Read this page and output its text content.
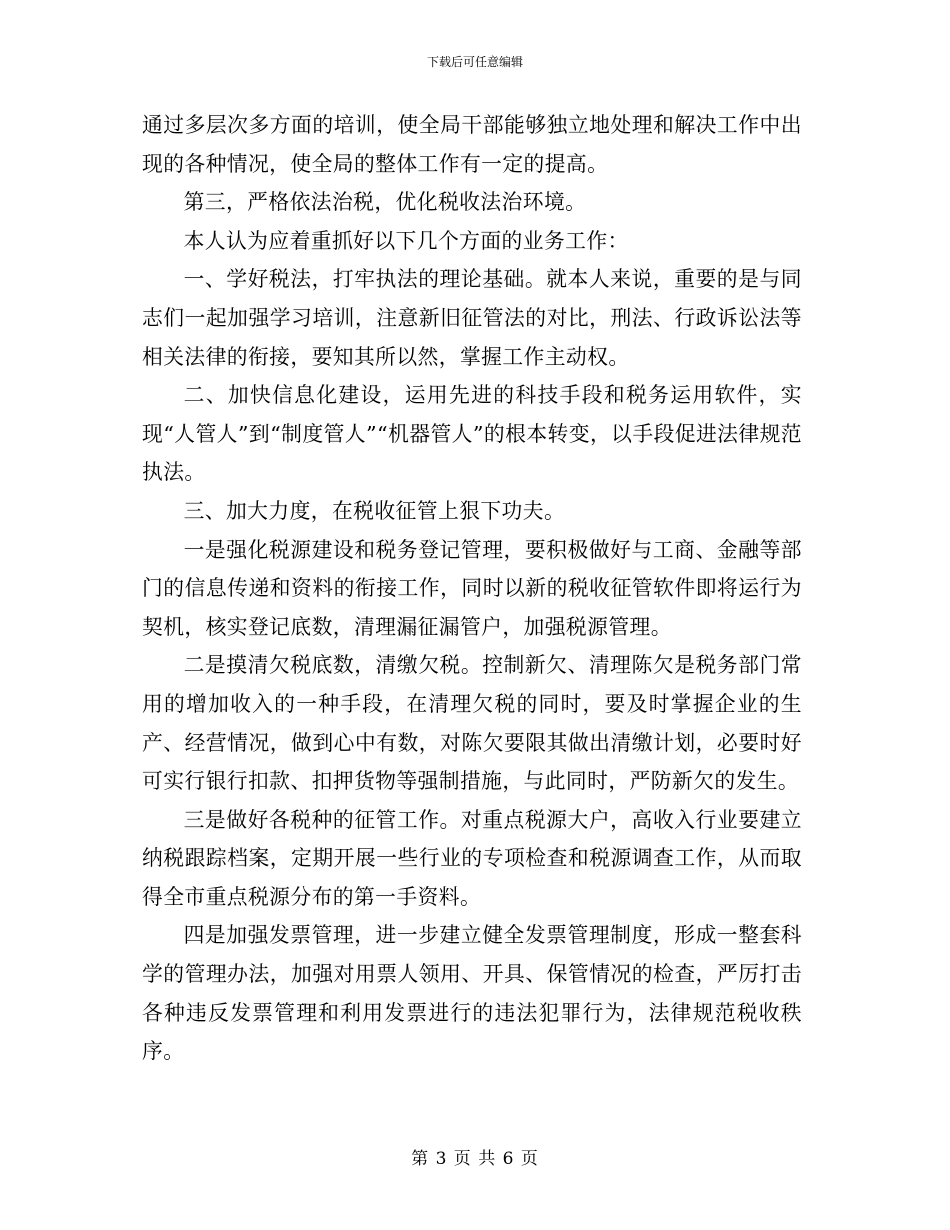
下载后可任意编辑

通过多层次多方面的培训，使全局干部能够独立地处理和解决工作中出现的各种情况，使全局的整体工作有一定的提高。

第三，严格依法治税，优化税收法治环境。

本人认为应着重抓好以下几个方面的业务工作：

一、学好税法，打牢执法的理论基础。就本人来说，重要的是与同志们一起加强学习培训，注意新旧征管法的对比，刑法、行政诉讼法等相关法律的衔接，要知其所以然，掌握工作主动权。

二、加快信息化建设，运用先进的科技手段和税务运用软件，实现“人管人”到“制度管人”“机器管人”的根本转变，以手段促进法律规范执法。

三、加大力度，在税收征管上狠下功夫。

一是强化税源建设和税务登记管理，要积极做好与工商、金融等部门的信息传递和资料的衔接工作，同时以新的税收征管软件即将运行为契机，核实登记底数，清理漏征漏管户，加强税源管理。

二是摸清欠税底数，清缴欠税。控制新欠、清理陈欠是税务部门常用的增加收入的一种手段，在清理欠税的同时，要及时掌握企业的生产、经营情况，做到心中有数，对陈欠要限其做出清缴计划，必要时好可实行银行扣款、扣押货物等强制措施，与此同时，严防新欠的发生。

三是做好各税种的征管工作。对重点税源大户，高收入行业要建立纳税跟踪档案，定期开展一些行业的专项检查和税源调查工作，从而取得全市重点税源分布的第一手资料。

四是加强发票管理，进一步建立健全发票管理制度，形成一整套科学的管理办法，加强对用票人领用、开具、保管情况的检查，严厉打击各种违反发票管理和利用发票进行的违法犯罪行为，法律规范税收秩序。

第 3 页 共 6 页
